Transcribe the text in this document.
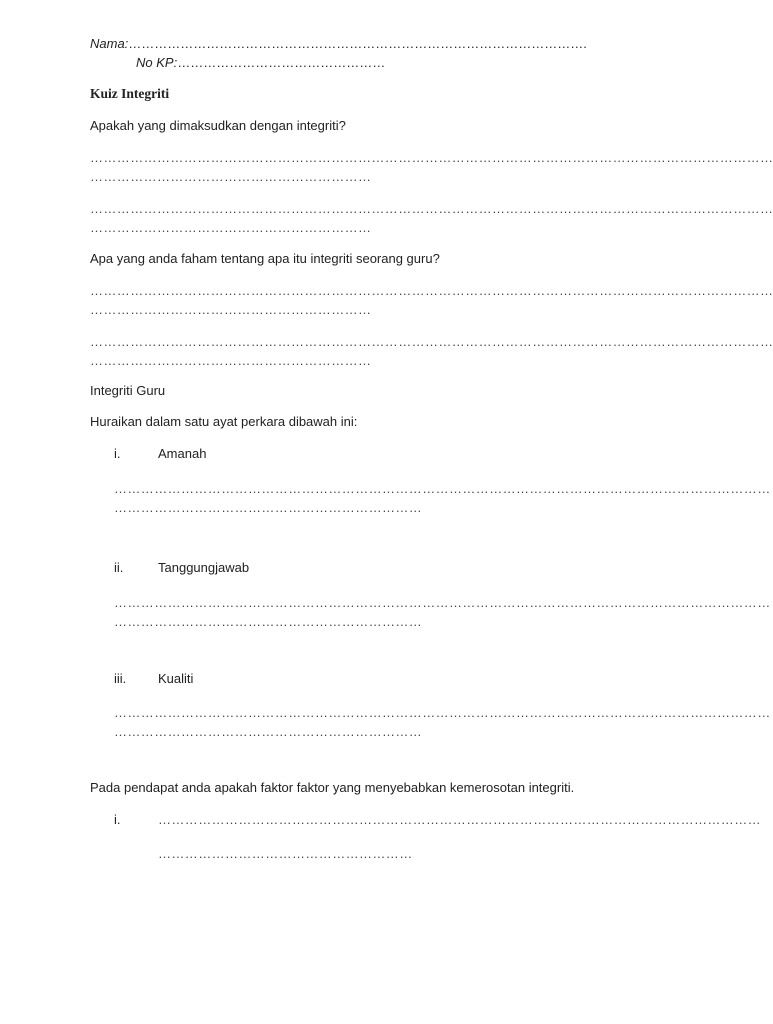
Nama:…………………………………………………………………………………………….
No KP:…………………………………………
Kuiz Integriti
Apakah yang dimaksudkan dengan integriti?
………………………………………………………………………………………………………………………………………
………………………………………………………
………………………………………………………………………………………………………………………………………
………………………………………………………
Apa yang anda faham tentang apa itu integriti seorang guru?
………………………………………………………………………………………………………………………………………
………………………………………………………
………………………………………………………………………………………………………………………………………
………………………………………………………
Integriti Guru
Huraikan dalam satu ayat perkara dibawah ini:
i.	Amanah
…………………………………………………………………………………………………………………………………
……………………………………………………………
ii.	Tanggungjawab
…………………………………………………………………………………………………………………………………
……………………………………………………………
iii. Kualiti
…………………………………………………………………………………………………………………………………
……………………………………………………………
Pada pendapat anda apakah faktor faktor yang menyebabkan kemerosotan integriti.
i.	………………………………………………………………………………………………………………………
…………………………………………………
